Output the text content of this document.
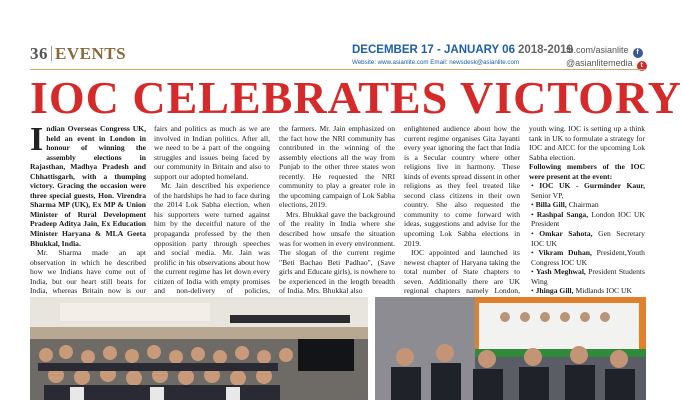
36 EVENTS	DECEMBER 17 - JANUARY 06 2018-2019
Website: www.asianlite.com Email: newsdesk@asianlite.com
fb.com/asianlite f
@asianlitemedia t
IOC CELEBRATES VICTORY

Indian Overseas Congress UK, held an event in London in honour of winning the assembly elections in Rajasthan, Madhya Pradesh and Chhattisgarh, with a thumping victory. Gracing the occasion were three special guests, Hon. Virendra Sharma MP (UK), Ex MP & Union Minister of Rural Development Pradeep Aditya Jain, Ex Education Minister Haryana & MLA Geeta Bhukkal, India.

Mr. Sharma made an apt observation in which he described how we Indians have come out of India, but our heart still beats for India, whereas Britain now is our

fairs and politics as much as we are involved in Indian politics. After all, we need to be a part of the ongoing struggles and issues being faced by our community in Britain and also to support our adopted homeland.

Mr. Jain described his experience of the hardships he had to face during the 2014 Lok Sabha election, when his supporters were turned against him by the deceitful nature of the propaganda professed by the then opposition party through speeches and social media. Mr. Jain was prolific in his observations about how the current regime has let down every citizen of India with empty promises and non-delivery of policies,

the farmers. Mr. Jain emphasized on the fact how the NRI community has contributed in the winning of the assembly elections all the way from Punjab to the other three states won recently. He requested the NRI community to play a greater role in the upcoming campaign of Lok Sabha elections, 2019.

Mrs. Bhukkal gave the background of the reality in India where she described how unsafe the situation was for women in every environment. The slogan of the current regime "Beti Bachao Beti Padhao", (Save girls and Educate girls), is nowhere to be experienced in the length breadth of India. Mrs. Bhukkal also

enlightened audience about how the current regime organises Gita Jayanti every year ignoring the fact that India is a Secular country where other religions live in harmony. These kinds of events spread dissent in other religions as they feel treated like second class citizens in their own country. She also requested the community to come forward with ideas, suggestions and advise for the upcoming Lok Sabha elections in 2019.

IOC appointed and launched its newest chapter of Haryana taking the total number of State chapters to seven. Additionally there are UK regional chapters namely London,

youth wing. IOC is setting up a think tank in UK to formulate a strategy for IOC and AICC for the upcoming Lok Sabha election.

Following members of the IOC were present at the event:

• IOC UK - Gurminder Kaur, Senior VP,

• Billa Gill, Chairman

• Rashpal Sanga, London IOC UK President

• Omkar Sahota, Gen Secretary IOC UK

• Vikram Duhan, President,Youth Congress IOC UK

• Yash Meghwal, President Students Wing

• Jhinga Gill, Midlands IOC UK
